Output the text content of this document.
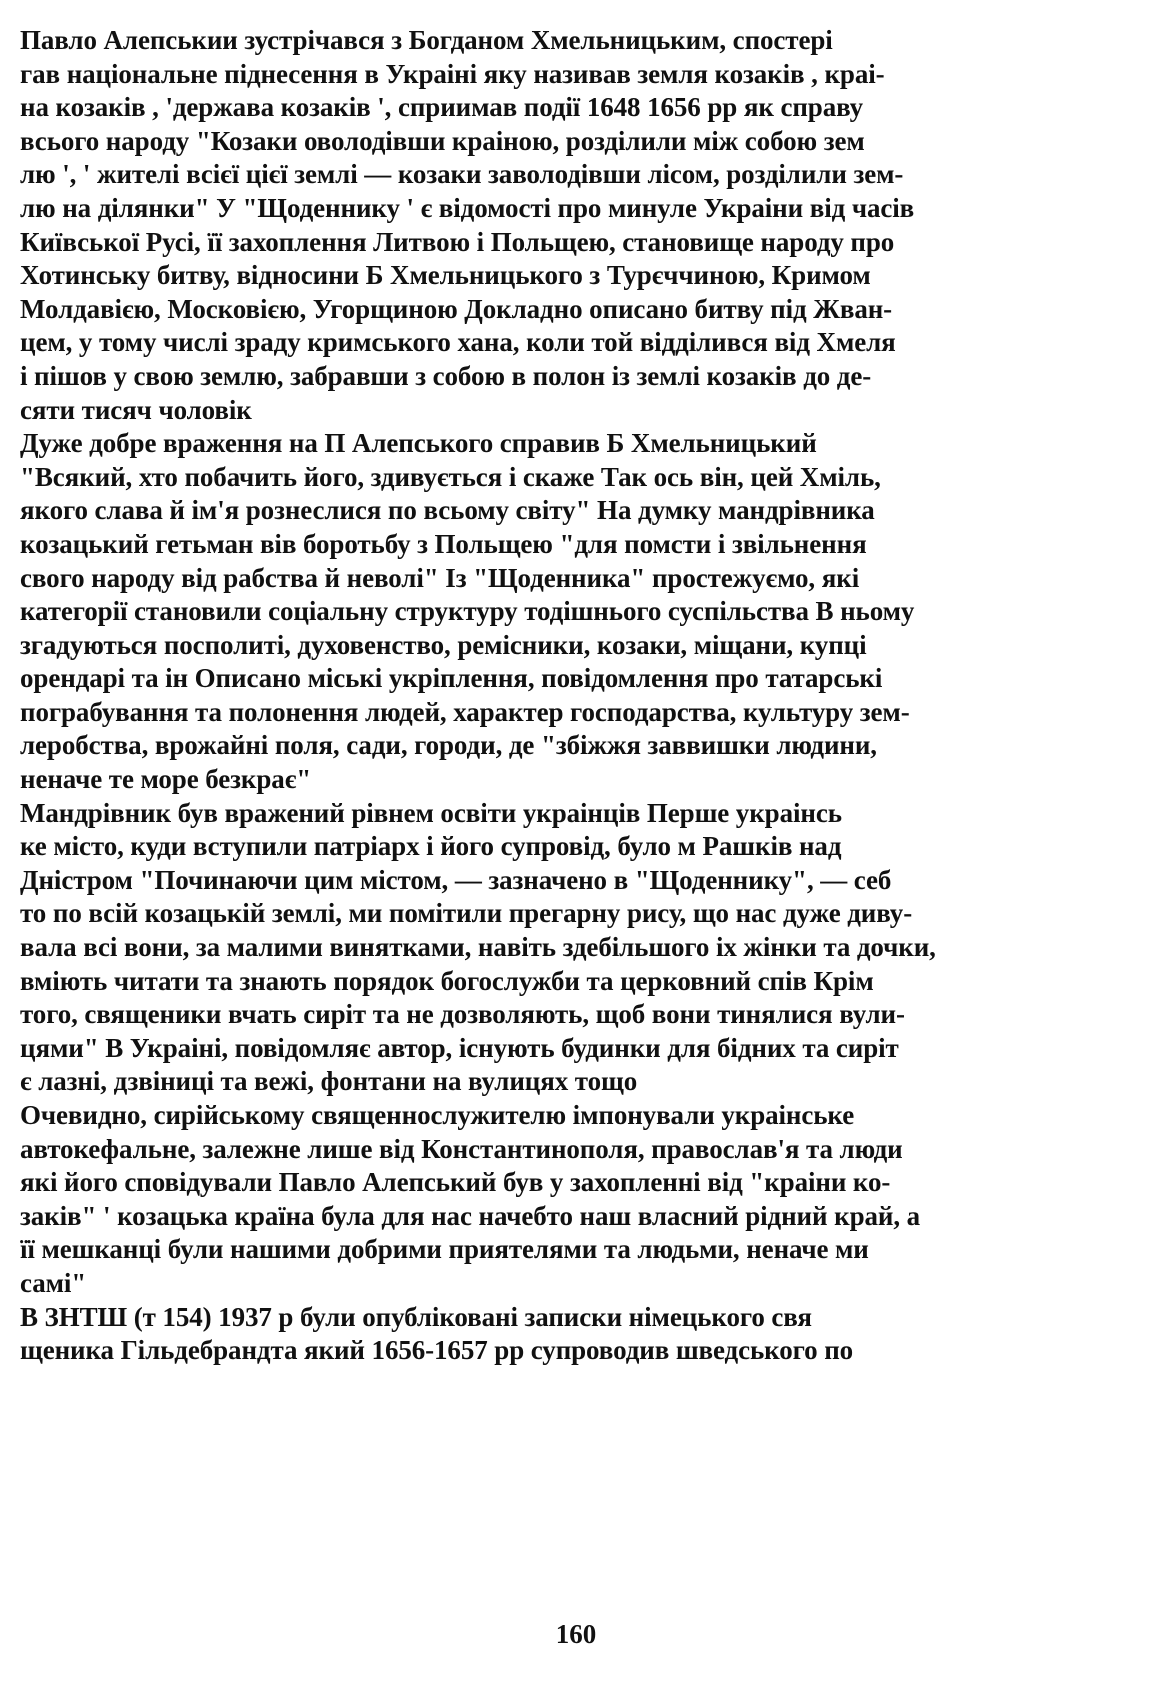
Павло Алепськии зустрічався з Богданом Хмельницьким, спостері
гав національне піднесення в Украіні яку називав земля козаків , краі-
на козаків , 'держава козаків ', сприимав події 1648 1656 рр як справу
всього народу "Козаки оволодівши краіною, розділили між собою зем
лю ', ' жителі всієї цієї землі — козаки заволодівши лісом, розділили зем-
лю на ділянки" У "Щоденнику ' є відомості про минуле Украіни від часів
Київської Русі, її захоплення Литвою і Польщею, становище народу про
Хотинську битву, відносини Б Хмельницького з Турєччиною, Кримом
Молдавією, Московією, Угорщиною Докладно описано битву під Жван-
цем, у тому числі зраду кримського хана, коли той віддiлився від Хмеля
і пішов у свою землю, забравши з собою в полон із землі козаків до де-
сяти тисяч чоловік
Дуже добре враження на П Алепського справив Б Хмельницький
"Всякий, хто побачить його, здивується і скаже Так ось він, цей Хміль,
якого слава й ім'я рознеслися по всьому світу" На думку мандрівника
козацький гетьман вів боротьбу з Польщею "для помсти і звільнення
свого народу від рабства й неволі" Із "Щоденника" простежуємо, які
категорії становили соціальну структуру тодішнього суспільства В ньому
згадуються посполиті, духовенство, ремісники, козаки, міщани, купці
орендарі та ін Описано міські укріплення, повідомлення про татарські
пограбування та полонення людей, характер господарства, культуру зем-
леробства, врожайні поля, сади, городи, де "збіжжя заввишки людини,
неначе те море безкрає"
Мандрівник був вражений рівнем освіти украінців Перше украінсь
ке місто, куди вступили патріарх і його супровід, було м Рашків над
Дністром "Починаючи цим містом, — зазначено в "Щоденнику", — себ
то по всій козацькій землі, ми помітили прегарну рису, що нас дуже диву-
вала всі вони, за малими винятками, навіть здебільшого іх жінки та дочки,
вміють читати та знають порядок богослужби та церковний спів Крім
того, священики вчать сиріт та не дозволяють, щоб вони тинялися вули-
цями" В Украіні, повідомляє автор, існують будинки для бідних та сиріт
є лазні, дзвіниці та вежі, фонтани на вулицях тощо
Очевидно, сирійському священнослужителю імпонували украінське
автокефальне, залежне лише від Константинополя, православ'я та люди
які його сповідували Павло Алепський був у захопленні від "краіни ко-
заків" ' козацька країна була для нас начебто наш власний рідний край, а
її мешканці були нашими добрими приятелями та людьми, неначе ми
самі"
В ЗНТШ (т 154) 1937 р були опубліковані записки німецького свя
щеника Гільдебрандта який 1656-1657 рр супроводив шведського по
160
